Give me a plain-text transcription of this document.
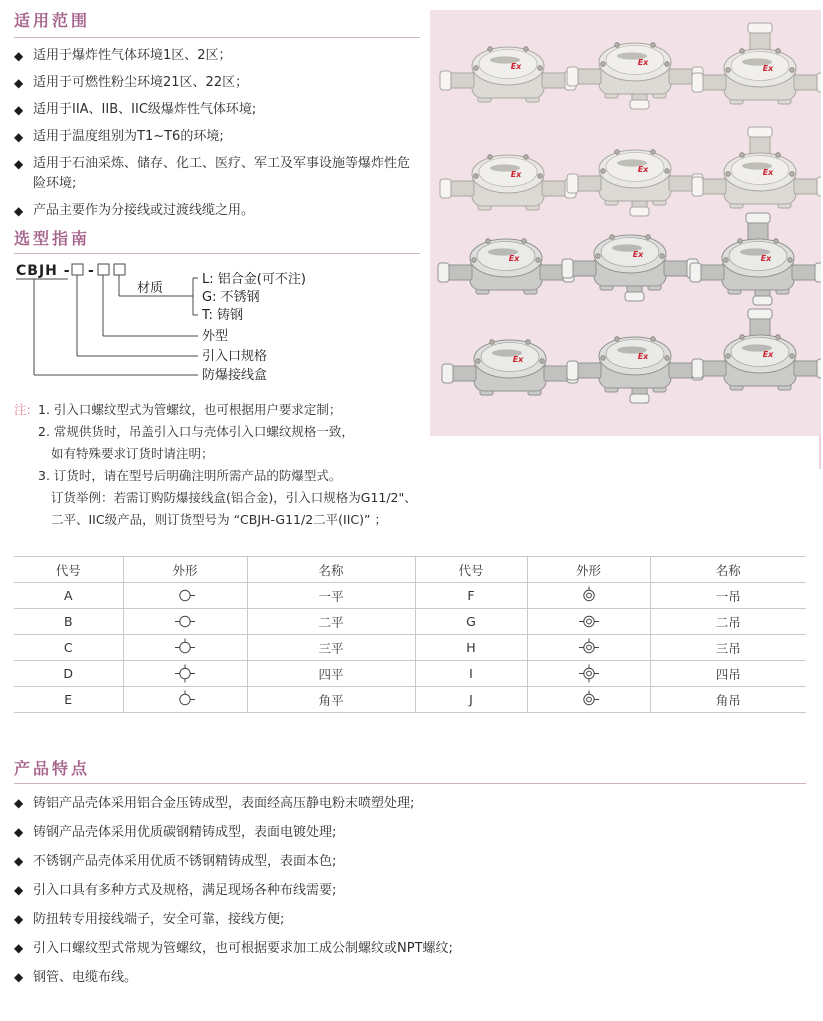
适用范围
◆ 适用于爆炸性气体环境1区、2区；
◆ 适用于可燃性粉尘环境21区、22区；
◆ 适用于IIA、IIB、IIC级爆炸性气体环境;
◆ 适用于温度组别为T1~T6的环境;
◆ 适用于石油采炼、储存、化工、医疗、军工及军事设施等爆炸性危险环境;
◆ 产品主要作为分接线或过渡线缆之用。
Ex	Ex
Ex
Ex
Ex	Ex
Ex	Ex	Ex
Ex	Ex	Ex
选型指南
CBJH - -
材质
L: 铝合金(可不注)
G: 不锈钢
T: 铸钢
外型
引入口规格
防爆接线盒
注: 1. 引入口螺纹型式为管螺纹，也可根据用户要求定制；
2. 常规供货时，吊盖引入口与壳体引入口螺纹规格一致，
如有特殊要求订货时请注明；
3. 订货时，请在型号后明确注明所需产品的防爆型式。
订货举例：若需订购防爆接线盒(铝合金)，引入口规格为G11/2"、
二平、IIC级产品，则订货型号为 “CBJH-G11/2二平(IIC)” ；
代号	外形	名称	代号	外形	名称
A		一平	F		一吊
B		二平	G		二吊
C		三平	H		三吊
D		四平	I		四吊
E		角平	J		角吊
产品特点
◆ 铸铝产品壳体采用铝合金压铸成型，表面经高压静电粉末喷塑处理;
◆ 铸钢产品壳体采用优质碳钢精铸成型，表面电镀处理;
◆ 不锈钢产品壳体采用优质不锈钢精铸成型，表面本色;
◆ 引入口具有多种方式及规格，满足现场各种布线需要;
◆ 防扭转专用接线端子，安全可靠，接线方便;
◆ 引入口螺纹型式常规为管螺纹，也可根据要求加工成公制螺纹或NPT螺纹;
◆ 钢管、电缆布线。
